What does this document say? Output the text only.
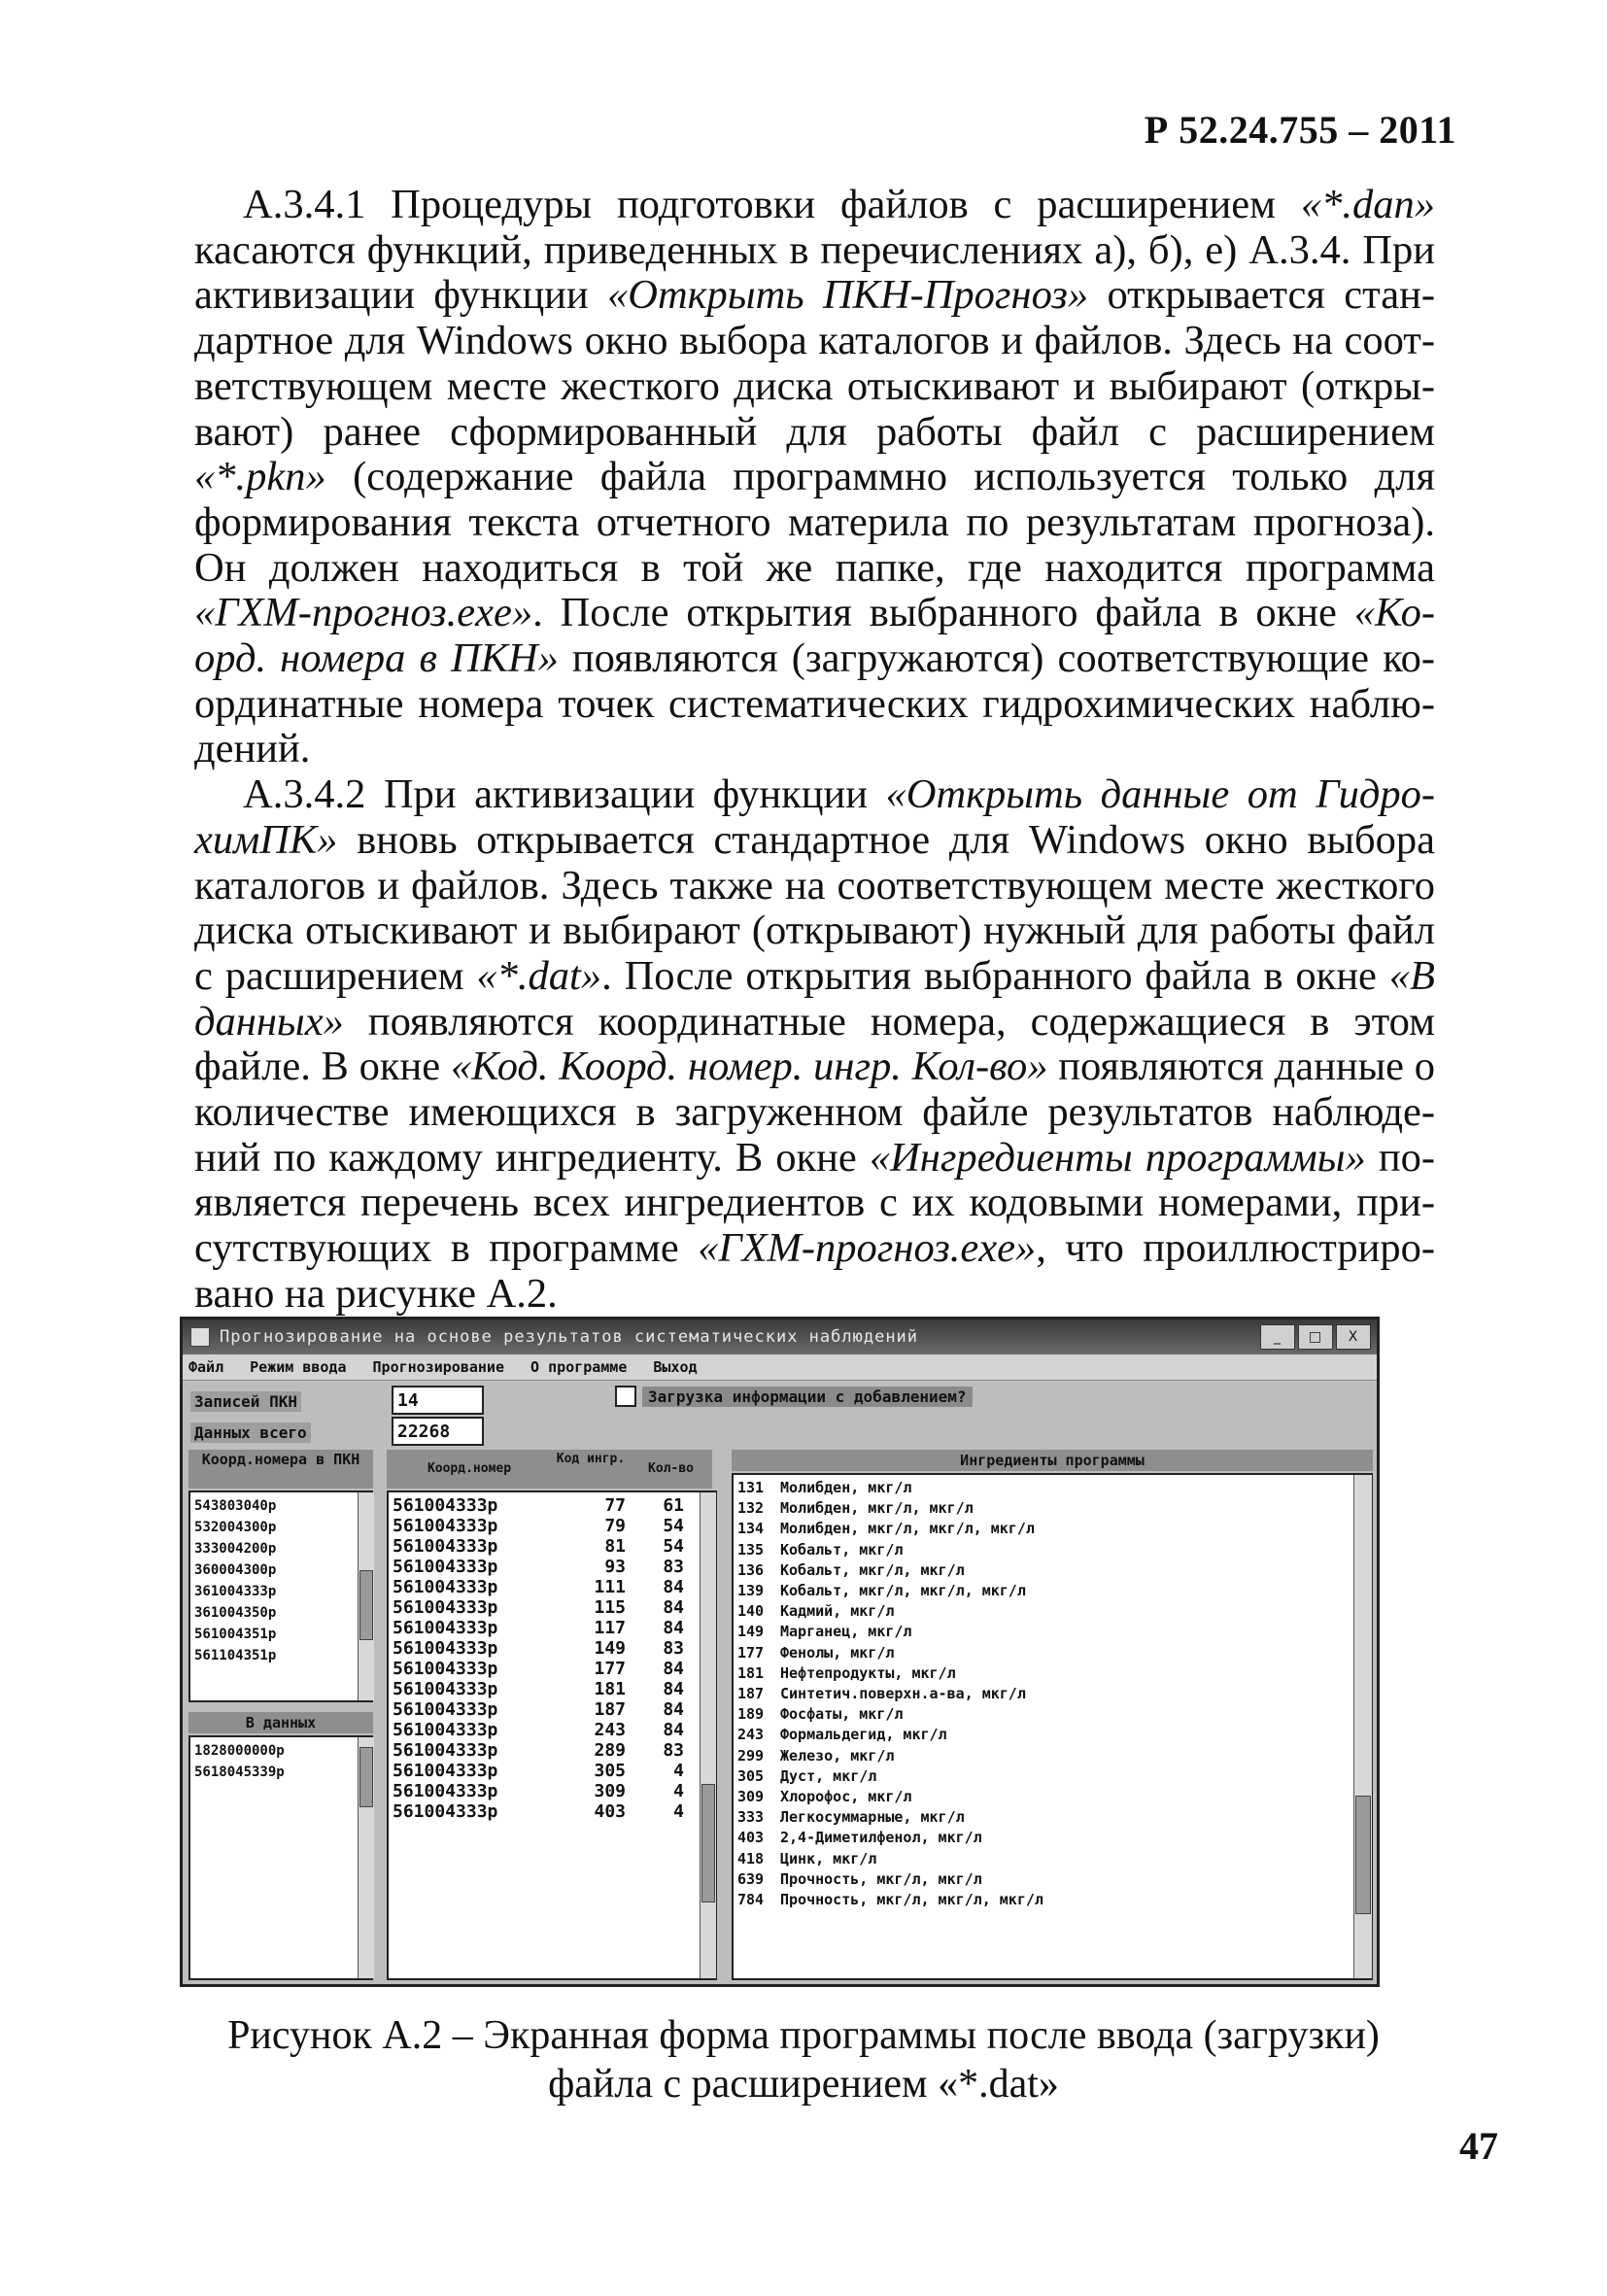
Р 52.24.755 – 2011

А.3.4.1 Процедуры подготовки файлов с расширением «*.dan» касаются функций, приведенных в перечислениях а), б), е) А.3.4. При активизации функции «Открыть ПКН-Прогноз» открывается стан-дартное для Windows окно выбора каталогов и файлов. Здесь на соот-ветствующем месте жесткого диска отыскивают и выбирают (откры-вают) ранее сформированный для работы файл с расширением «*.pkn» (содержание файла программно используется только для формирования текста отчетного материла по результатам прогноза). Он должен находиться в той же папке, где находится программа «ГХМ-прогноз.exe». После открытия выбранного файла в окне «Ко-орд. номера в ПКН» появляются (загружаются) соответствующие ко-ординатные номера точек систематических гидрохимических наблю-дений.

А.3.4.2 При активизации функции «Открыть данные от Гидро-химПК» вновь открывается стандартное для Windows окно выбора каталогов и файлов. Здесь также на соответствующем месте жесткого диска отыскивают и выбирают (открывают) нужный для работы файл с расширением «*.dat». После открытия выбранного файла в окне «В данных» появляются координатные номера, содержащиеся в этом файле. В окне «Код. Коорд. номер. ингр. Кол-во» появляются данные о количестве имеющихся в загруженном файле результатов наблюде-ний по каждому ингредиенту. В окне «Ингредиенты программы» по-является перечень всех ингредиентов с их кодовыми номерами, при-сутствующих в программе «ГХМ-прогноз.exe», что проиллюстриро-вано на рисунке А.2.

Прогнозирование на основе результатов систематических наблюдений	_	□	X
Файл Режим ввода Прогнозирование О программе Выход
Записей ПКН	14
Данных всего	22268
Загрузка информации с добавлением?
Коорд.номера в ПКН
543803040р
532004300р
333004200р
360004300р
361004333р
361004350р
561004351р
561104351р
В данных
1828000000р
5618045339р
Коорд.номер
Код ингр.
Кол-во
561004333р	77	61
561004333р	79	54
561004333р	81	54
561004333р	93	83
561004333р	111	84
561004333р	115	84
561004333р	117	84
561004333р	149	83
561004333р	177	84
561004333р	181	84
561004333р	187	84
561004333р	243	84
561004333р	289	83
561004333р	305	4
561004333р	309	4
561004333р	403	4
Ингредиенты программы
131	Молибден, мкг/л
132	Молибден, мкг/л, мкг/л
134	Молибден, мкг/л, мкг/л, мкг/л
135	Кобальт, мкг/л
136	Кобальт, мкг/л, мкг/л
139	Кобальт, мкг/л, мкг/л, мкг/л
140	Кадмий, мкг/л
149	Марганец, мкг/л
177	Фенолы, мкг/л
181	Нефтепродукты, мкг/л
187	Синтетич.поверхн.а-ва, мкг/л
189	Фосфаты, мкг/л
243	Формальдегид, мкг/л
299	Железо, мкг/л
305	Дуст, мкг/л
309	Хлорофос, мкг/л
333	Легкосуммарные, мкг/л
403	2,4-Диметилфенол, мкг/л
418	Цинк, мкг/л
639	Прочность, мкг/л, мкг/л
784	Прочность, мкг/л, мкг/л, мкг/л
Рисунок А.2 – Экранная форма программы после ввода (загрузки)
файла с расширением «*.dat»
47
